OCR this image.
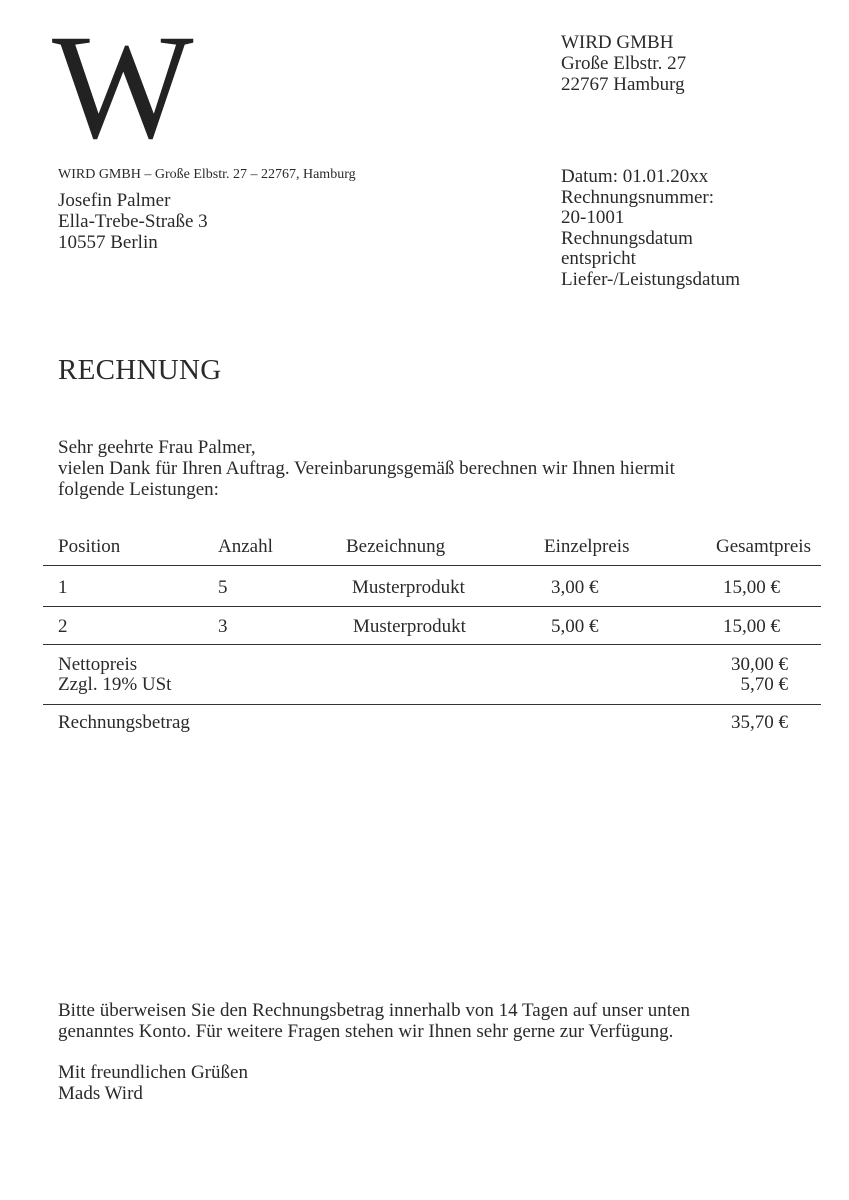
W	WIRD GMBH
Große Elbstr. 27
22767 Hamburg
WIRD GMBH – Große Elbstr. 27 – 22767, Hamburg
Josefin Palmer
Ella-Trebe-Straße 3
10557 Berlin
Datum: 01.01.20xx
Rechnungsnummer:
20-1001
Rechnungsdatum
entspricht
Liefer-/Leistungsdatum
RECHNUNG
Sehr geehrte Frau Palmer,
vielen Dank für Ihren Auftrag. Vereinbarungsgemäß berechnen wir Ihnen hiermit
folgende Leistungen:
Position	Anzahl	Bezeichnung	Einzelpreis	Gesamtpreis
1	5	Musterprodukt	3,00 €	15,00 €
2	3	Musterprodukt	5,00 €	15,00 €
Nettopreis	30,00 €
Zzgl. 19% USt	5,70 €
Rechnungsbetrag	35,70 €
Bitte überweisen Sie den Rechnungsbetrag innerhalb von 14 Tagen auf unser unten
genanntes Konto. Für weitere Fragen stehen wir Ihnen sehr gerne zur Verfügung.
Mit freundlichen Grüßen
Mads Wird
